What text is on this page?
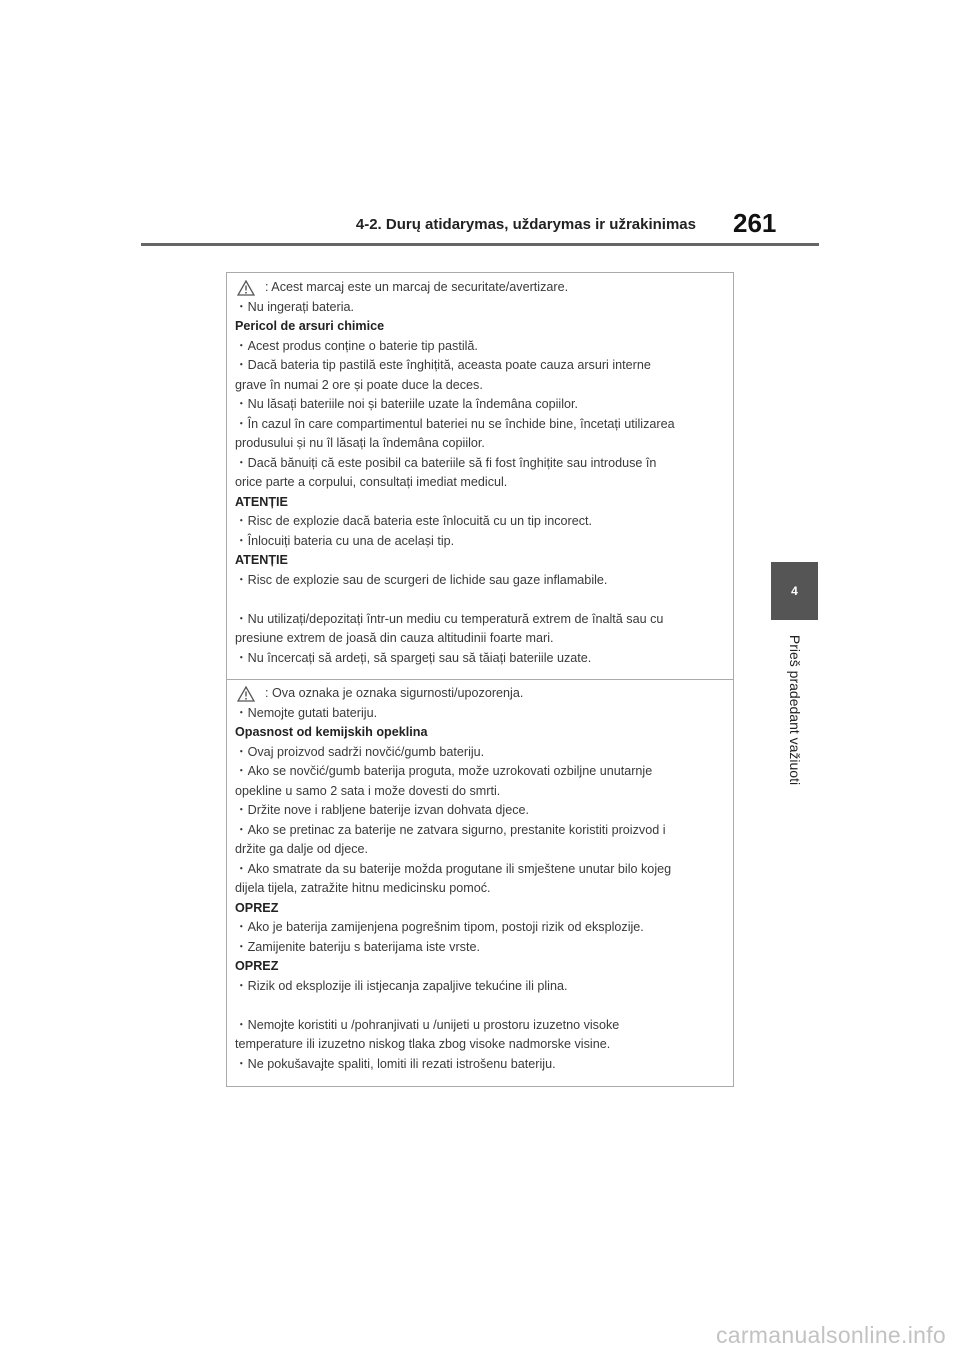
4-2. Durų atidarymas, uždarymas ir užrakinimas 261
4
Prieš pradedant važiuoti
: Acest marcaj este un marcaj de securitate/avertizare.
・Nu ingerați bateria.
Pericol de arsuri chimice
・Acest produs conține o baterie tip pastilă.
・Dacă bateria tip pastilă este înghițită, aceasta poate cauza arsuri interne
grave în numai 2 ore și poate duce la deces.
・Nu lăsați bateriile noi și bateriile uzate la îndemâna copiilor.
・În cazul în care compartimentul bateriei nu se închide bine, încetați utilizarea
produsului și nu îl lăsați la îndemâna copiilor.
・Dacă bănuiți că este posibil ca bateriile să fi fost înghițite sau introduse în
orice parte a corpului, consultați imediat medicul.
ATENȚIE
・Risc de explozie dacă bateria este înlocuită cu un tip incorect.
・Înlocuiți bateria cu una de același tip.
ATENȚIE
・Risc de explozie sau de scurgeri de lichide sau gaze inflamabile.
・Nu utilizați/depozitați într-un mediu cu temperatură extrem de înaltă sau cu
presiune extrem de joasă din cauza altitudinii foarte mari.
・Nu încercați să ardeți, să spargeți sau să tăiați bateriile uzate.
: Ova oznaka je oznaka sigurnosti/upozorenja.
・Nemojte gutati bateriju.
Opasnost od kemijskih opeklina
・Ovaj proizvod sadrži novčić/gumb bateriju.
・Ako se novčić/gumb baterija proguta, može uzrokovati ozbiljne unutarnje
opekline u samo 2 sata i može dovesti do smrti.
・Držite nove i rabljene baterije izvan dohvata djece.
・Ako se pretinac za baterije ne zatvara sigurno, prestanite koristiti proizvod i
držite ga dalje od djece.
・Ako smatrate da su baterije možda progutane ili smještene unutar bilo kojeg
dijela tijela, zatražite hitnu medicinsku pomoć.
OPREZ
・Ako je baterija zamijenjena pogrešnim tipom, postoji rizik od eksplozije.
・Zamijenite bateriju s baterijama iste vrste.
OPREZ
・Rizik od eksplozije ili istjecanja zapaljive tekućine ili plina.
・Nemojte koristiti u /pohranjivati u /unijeti u prostoru izuzetno visoke
temperature ili izuzetno niskog tlaka zbog visoke nadmorske visine.
・Ne pokušavajte spaliti, lomiti ili rezati istrošenu bateriju.
carmanualsonline.info
